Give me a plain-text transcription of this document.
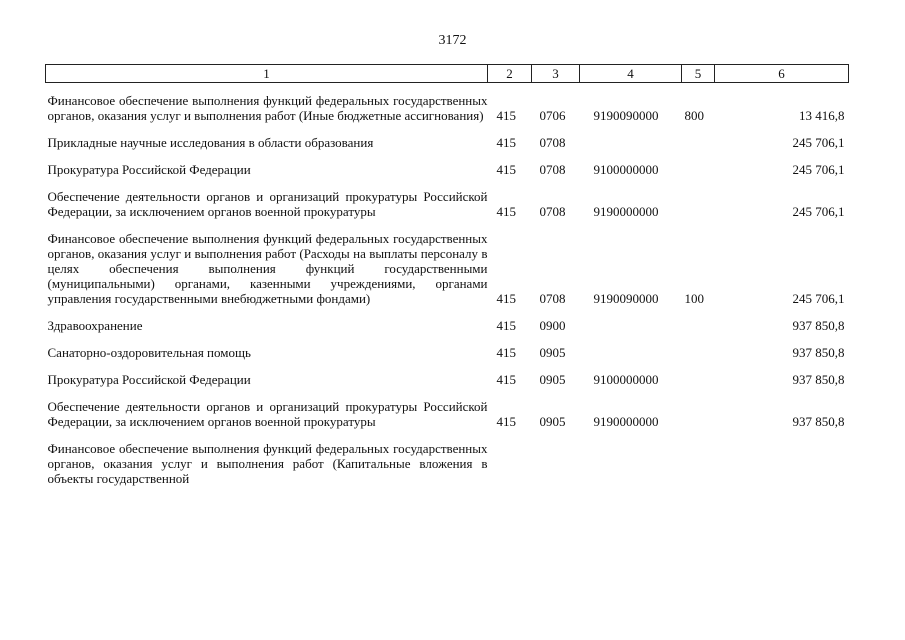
3172
1	2	3	4	5	6

Финансовое обеспечение выполнения функций федеральных государственных органов, оказания услуг и выполнения работ (Иные бюджетные ассигнования)	415	0706	9190090000	800	13 416,8

Прикладные научные исследования в области образования	415	0708			245 706,1

Прокуратура Российской Федерации	415	0708	9100000000		245 706,1

Обеспечение деятельности органов и организаций прокуратуры Российской Федерации, за исключением органов военной прокуратуры	415	0708	9190000000		245 706,1

Финансовое обеспечение выполнения функций федеральных государственных органов, оказания услуг и выполнения работ (Расходы на выплаты персоналу в целях обеспечения выполнения функций государственными (муниципальными) органами, казенными учреждениями, органами управления государственными внебюджетными фондами)	415	0708	9190090000	100	245 706,1

Здравоохранение	415	0900			937 850,8

Санаторно-оздоровительная помощь	415	0905			937 850,8

Прокуратура Российской Федерации	415	0905	9100000000		937 850,8

Обеспечение деятельности органов и организаций прокуратуры Российской Федерации, за исключением органов военной прокуратуры	415	0905	9190000000		937 850,8

Финансовое обеспечение выполнения функций федеральных государственных органов, оказания услуг и выполнения работ (Капитальные вложения в объекты государственной					
